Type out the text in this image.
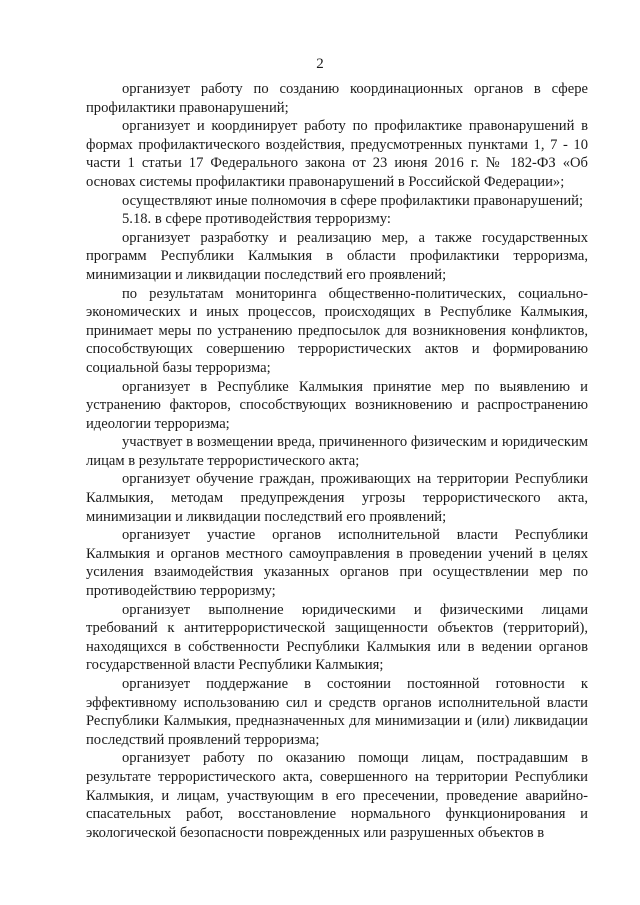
2

организует работу по созданию координационных органов в сфере профилактики правонарушений;

организует и координирует работу по профилактике правонарушений в формах профилактического воздействия, предусмотренных пунктами 1, 7 - 10 части 1 статьи 17 Федерального закона от 23 июня 2016 г. № 182-ФЗ «Об основах системы профилактики правонарушений в Российской Федерации»;

осуществляют иные полномочия в сфере профилактики правонарушений;

5.18. в сфере противодействия терроризму:

организует разработку и реализацию мер, а также государственных программ Республики Калмыкия в области профилактики терроризма, минимизации и ликвидации последствий его проявлений;

по результатам мониторинга общественно-политических, социально-экономических и иных процессов, происходящих в Республике Калмыкия, принимает меры по устранению предпосылок для возникновения конфликтов, способствующих совершению террористических актов и формированию социальной базы терроризма;

организует в Республике Калмыкия принятие мер по выявлению и устранению факторов, способствующих возникновению и распространению идеологии терроризма;

участвует в возмещении вреда, причиненного физическим и юридическим лицам в результате террористического акта;

организует обучение граждан, проживающих на территории Республики Калмыкия, методам предупреждения угрозы террористического акта, минимизации и ликвидации последствий его проявлений;

организует участие органов исполнительной власти Республики Калмыкия и органов местного самоуправления в проведении учений в целях усиления взаимодействия указанных органов при осуществлении мер по противодействию терроризму;

организует выполнение юридическими и физическими лицами требований к антитеррористической защищенности объектов (территорий), находящихся в собственности Республики Калмыкия или в ведении органов государственной власти Республики Калмыкия;

организует поддержание в состоянии постоянной готовности к эффективному использованию сил и средств органов исполнительной власти Республики Калмыкия, предназначенных для минимизации и (или) ликвидации последствий проявлений терроризма;

организует работу по оказанию помощи лицам, пострадавшим в результате террористического акта, совершенного на территории Республики Калмыкия, и лицам, участвующим в его пресечении, проведение аварийно-спасательных работ, восстановление нормального функционирования и экологической безопасности поврежденных или разрушенных объектов в
